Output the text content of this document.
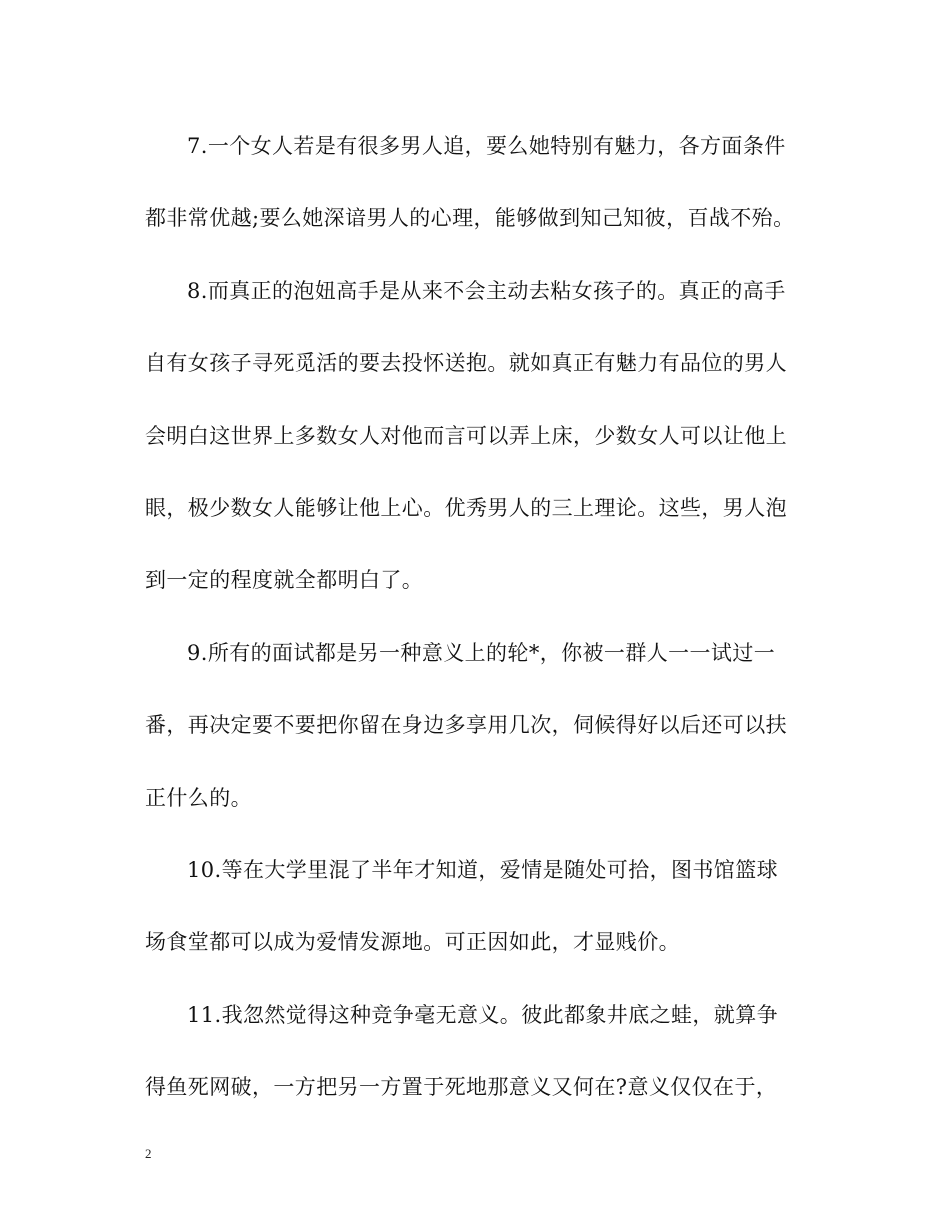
7.一个女人若是有很多男人追，要么她特别有魅力，各方面条件
都非常优越;要么她深谙男人的心理，能够做到知己知彼，百战不殆。
8.而真正的泡妞高手是从来不会主动去粘女孩子的。真正的高手
自有女孩子寻死觅活的要去投怀送抱。就如真正有魅力有品位的男人
会明白这世界上多数女人对他而言可以弄上床，少数女人可以让他上
眼，极少数女人能够让他上心。优秀男人的三上理论。这些，男人泡
到一定的程度就全都明白了。
9.所有的面试都是另一种意义上的轮*，你被一群人一一试过一
番，再决定要不要把你留在身边多享用几次，伺候得好以后还可以扶
正什么的。
10.等在大学里混了半年才知道，爱情是随处可拾，图书馆篮球
场食堂都可以成为爱情发源地。可正因如此，才显贱价。
11.我忽然觉得这种竞争毫无意义。彼此都象井底之蛙，就算争
得鱼死网破，一方把另一方置于死地那意义又何在?意义仅仅在于，
2
